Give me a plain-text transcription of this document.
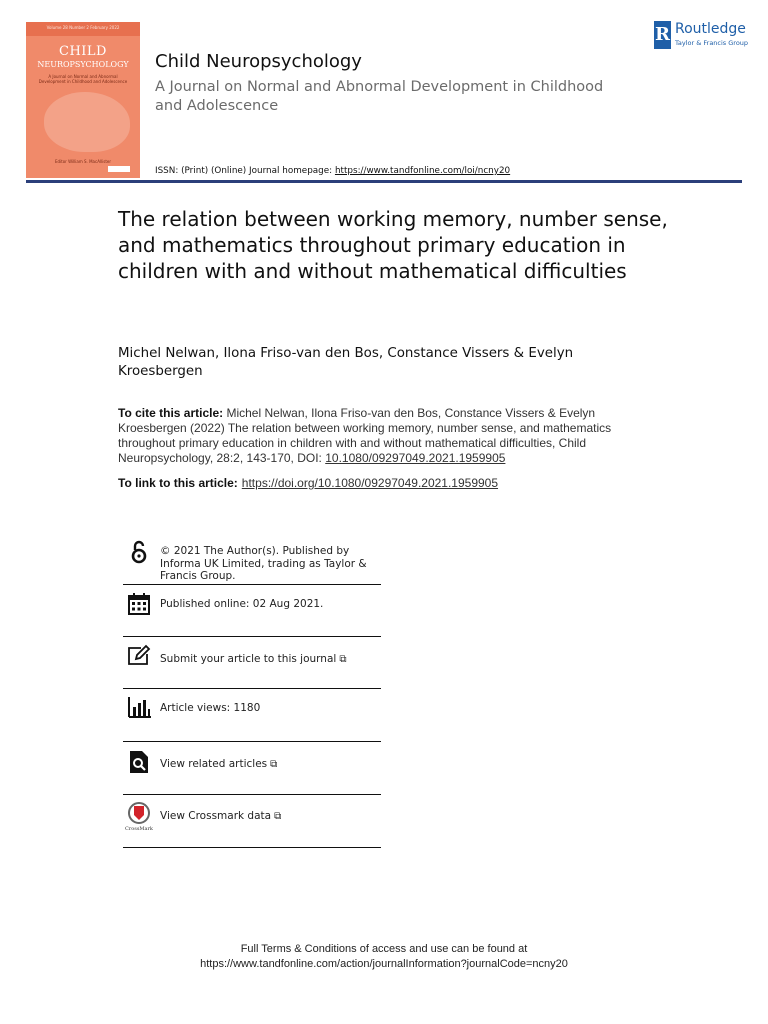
Volume 28 Number 2 February 2022
CHILD
NEUROPSYCHOLOGY
A Journal on Normal and Abnormal Development in Childhood and Adolescence
Editor William S. MacAllister
Child Neuropsychology
A Journal on Normal and Abnormal Development in Childhood and Adolescence
ISSN: (Print) (Online) Journal homepage: https://www.tandfonline.com/loi/ncny20
R Routledge
Taylor & Francis Group
The relation between working memory, number sense, and mathematics throughout primary education in children with and without mathematical difficulties
Michel Nelwan, Ilona Friso-van den Bos, Constance Vissers & Evelyn Kroesbergen
To cite this article: Michel Nelwan, Ilona Friso-van den Bos, Constance Vissers & Evelyn Kroesbergen (2022) The relation between working memory, number sense, and mathematics throughout primary education in children with and without mathematical difficulties, Child Neuropsychology, 28:2, 143-170, DOI: 10.1080/09297049.2021.1959905
To link to this article: https://doi.org/10.1080/09297049.2021.1959905
© 2021 The Author(s). Published by Informa UK Limited, trading as Taylor & Francis Group.
Published online: 02 Aug 2021.
Submit your article to this journal ⧉
Article views: 1180
View related articles ⧉
CrossMark
View Crossmark data ⧉
Full Terms & Conditions of access and use can be found at
https://www.tandfonline.com/action/journalInformation?journalCode=ncny20
